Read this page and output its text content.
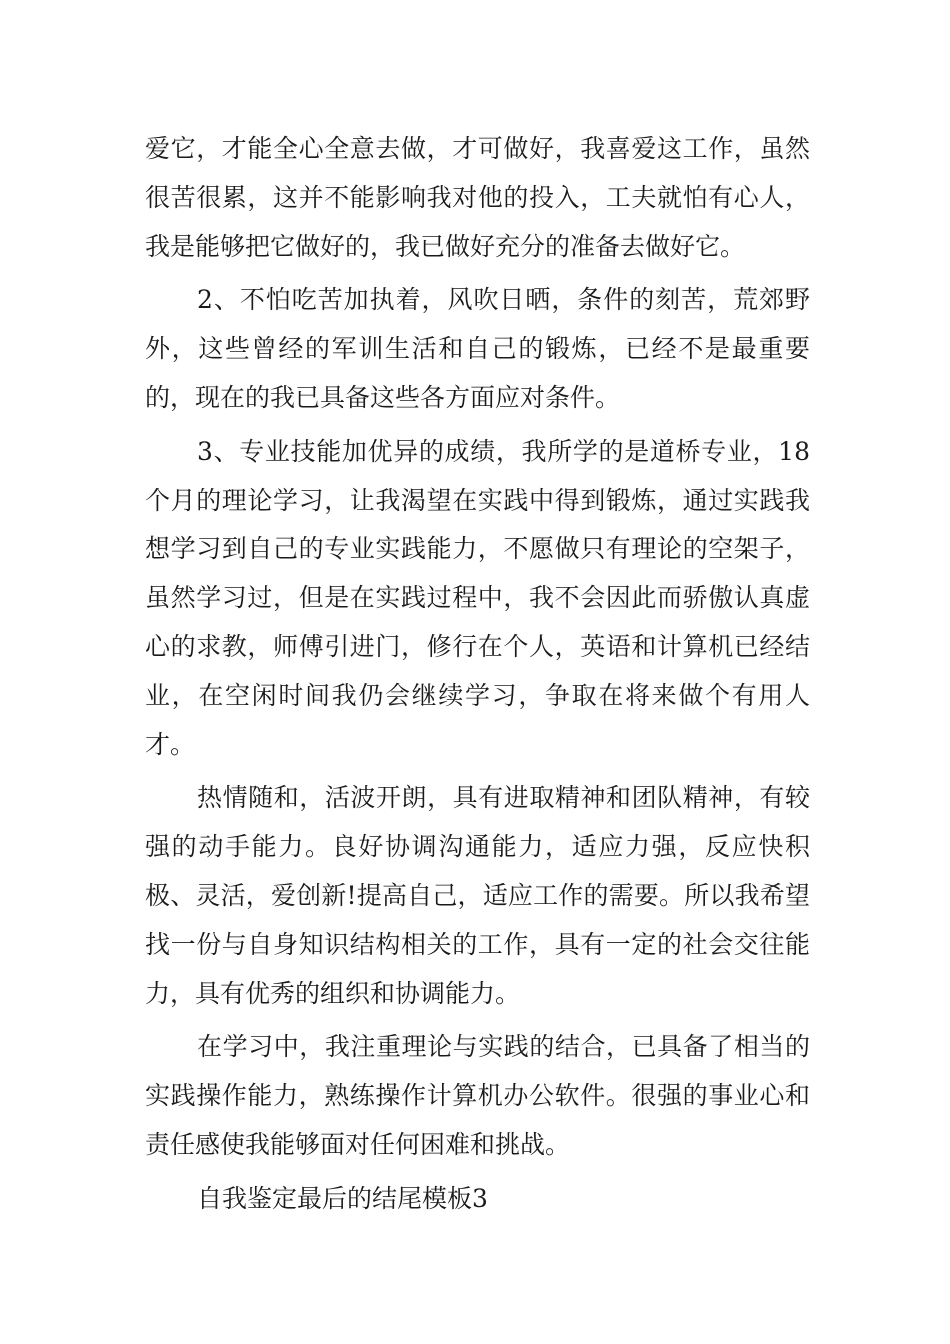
爱它，才能全心全意去做，才可做好，我喜爱这工作，虽然很苦很累，这并不能影响我对他的投入，工夫就怕有心人，我是能够把它做好的，我已做好充分的准备去做好它。

2、不怕吃苦加执着，风吹日晒，条件的刻苦，荒郊野外，这些曾经的军训生活和自己的锻炼，已经不是最重要的，现在的我已具备这些各方面应对条件。

3、专业技能加优异的成绩，我所学的是道桥专业，18个月的理论学习，让我渴望在实践中得到锻炼，通过实践我想学习到自己的专业实践能力，不愿做只有理论的空架子，虽然学习过，但是在实践过程中，我不会因此而骄傲认真虚心的求教，师傅引进门，修行在个人，英语和计算机已经结业，在空闲时间我仍会继续学习，争取在将来做个有用人才。

热情随和，活波开朗，具有进取精神和团队精神，有较强的动手能力。良好协调沟通能力，适应力强，反应快积极、灵活，爱创新!提高自己，适应工作的需要。所以我希望找一份与自身知识结构相关的工作，具有一定的社会交往能力，具有优秀的组织和协调能力。

在学习中，我注重理论与实践的结合，已具备了相当的实践操作能力，熟练操作计算机办公软件。很强的事业心和责任感使我能够面对任何困难和挑战。

自我鉴定最后的结尾模板3
